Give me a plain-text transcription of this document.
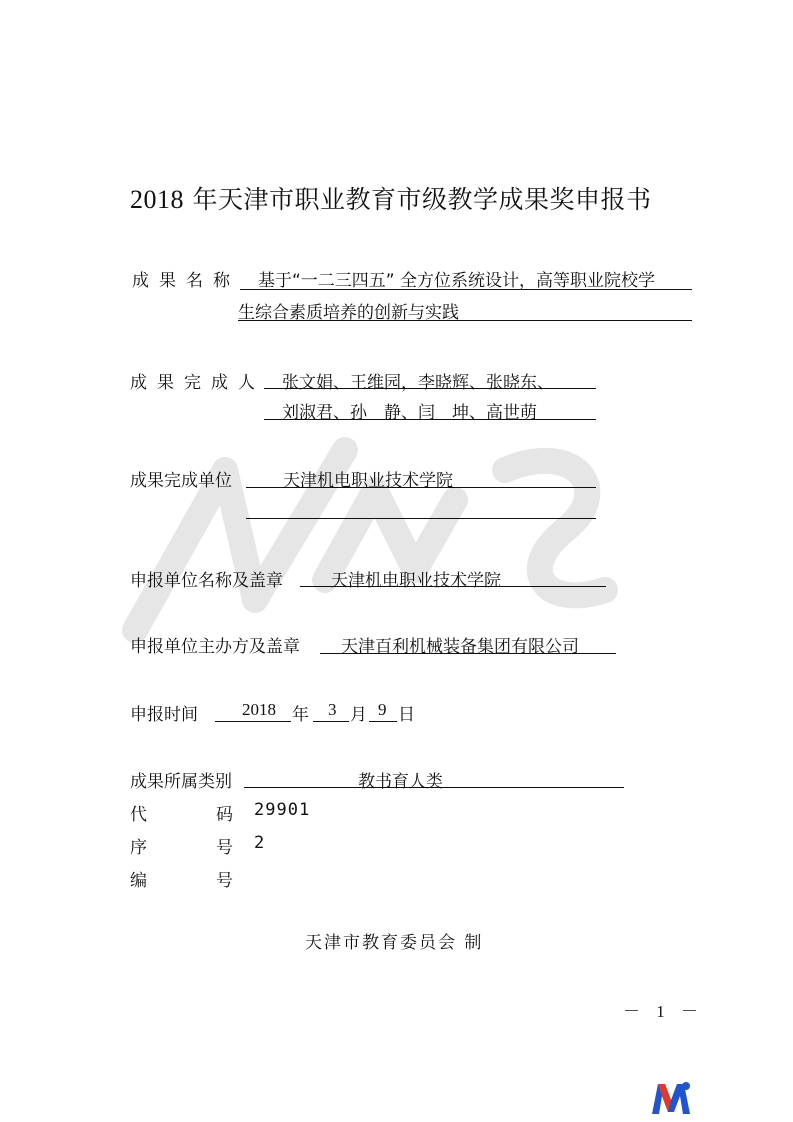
2018 年天津市职业教育市级教学成果奖申报书
成果名称 基于“一二三四五” 全方位系统设计，高等职业院校学
生综合素质培养的创新与实践
成果完成人 张文娟、王维园，李晓辉、张晓东、
刘淑君、孙　静、闫　坤、高世萌
成果完成单位	天津机电职业技术学院
申报单位名称及盖章	天津机电职业技术学院
申报单位主办方及盖章 天津百利机械装备集团有限公司
申报时间	2018 年 3 月 9 日
成果所属类别	教书育人类
代	码 29901
序	号 2
编	号
天津市教育委员会 制
－ 1 －
